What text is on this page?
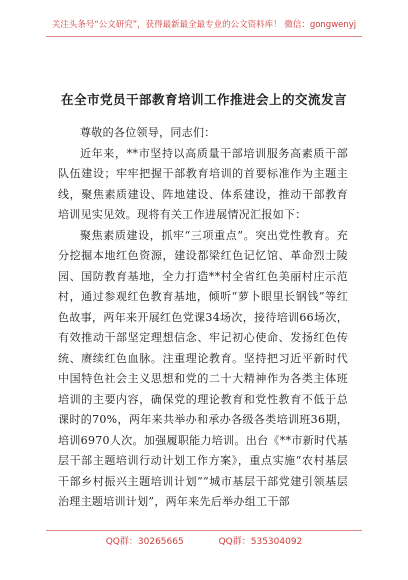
关注头条号“公文研究”，获得最新最全最专业的公文资料库！ 微信：gongwenyj
在全市党员干部教育培训工作推进会上的交流发言

尊敬的各位领导，同志们：

近年来，**市坚持以高质量干部培训服务高素质干部队伍建设；牢牢把握干部教育培训的首要标准作为主题主线，聚焦素质建设、阵地建设、体系建设，推动干部教育培训见实见效。现将有关工作进展情况汇报如下：

聚焦素质建设，抓牢“三项重点”。突出党性教育。充分挖掘本地红色资源，建设都梁红色记忆馆、革命烈士陵园、国防教育基地，全力打造**村全省红色美丽村庄示范村，通过参观红色教育基地，倾听“萝卜眼里长钢钱”等红色故事，两年来开展红色党课34场次，接待培训66场次，有效推动干部坚定理想信念、牢记初心使命、发扬红色传统、赓续红色血脉。注重理论教育。坚持把习近平新时代中国特色社会主义思想和党的二十大精神作为各类主体班培训的主要内容，确保党的理论教育和党性教育不低于总课时的70%，两年来共举办和承办各级各类培训班36期，培训6970人次。加强履职能力培训。出台《**市新时代基层干部主题培训行动计划工作方案》，重点实施“农村基层干部乡村振兴主题培训计划”“城市基层干部党建引领基层治理主题培训计划”，两年来先后举办组工干部

QQ群：30265665	QQ群：535304092
